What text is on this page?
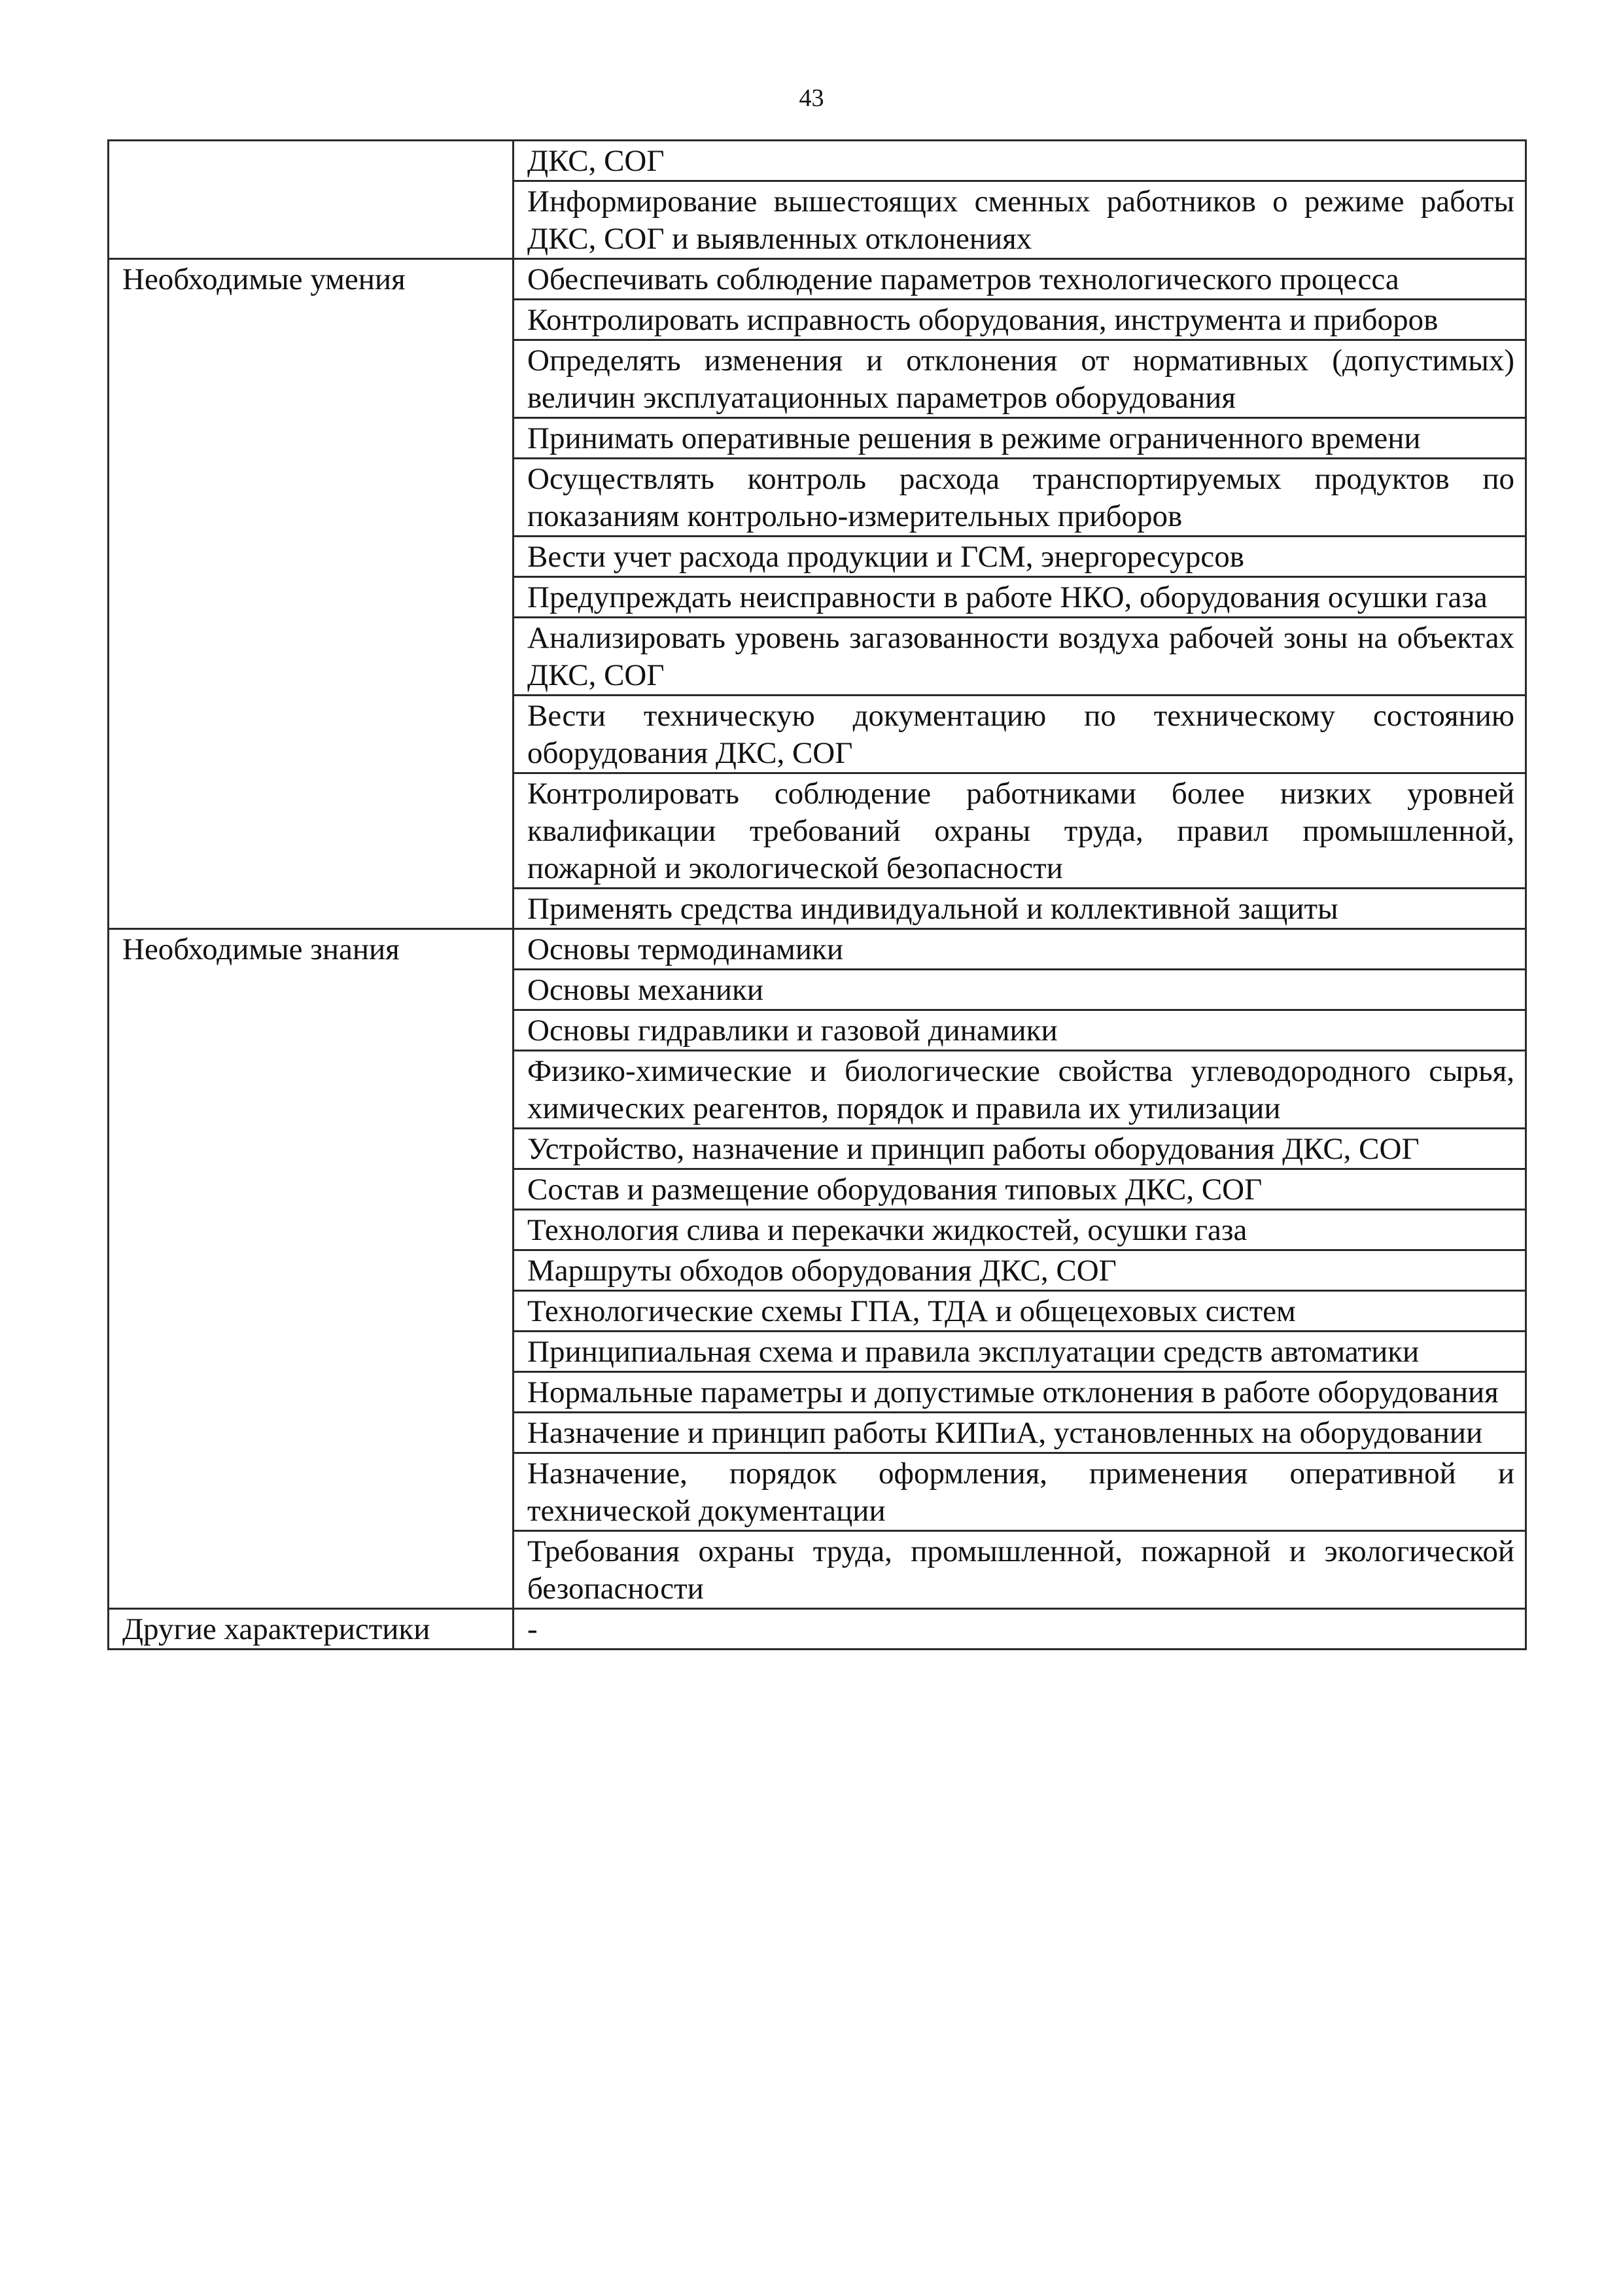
43
	ДКС, СОГ
	Информирование вышестоящих сменных работников о режиме работы ДКС, СОГ и выявленных отклонениях
Необходимые умения	Обеспечивать соблюдение параметров технологического процесса
	Контролировать исправность оборудования, инструмента и приборов
	Определять изменения и отклонения от нормативных (допустимых) величин эксплуатационных параметров оборудования
	Принимать оперативные решения в режиме ограниченного времени
	Осуществлять контроль расхода транспортируемых продуктов по показаниям контрольно-измерительных приборов
	Вести учет расхода продукции и ГСМ, энергоресурсов
	Предупреждать неисправности в работе НКО, оборудования осушки газа
	Анализировать уровень загазованности воздуха рабочей зоны на объектах ДКС, СОГ
	Вести техническую документацию по техническому состоянию оборудования ДКС, СОГ
	Контролировать соблюдение работниками более низких уровней квалификации требований охраны труда, правил промышленной, пожарной и экологической безопасности
	Применять средства индивидуальной и коллективной защиты
Необходимые знания	Основы термодинамики
	Основы механики
	Основы гидравлики и газовой динамики
	Физико-химические и биологические свойства углеводородного сырья, химических реагентов, порядок и правила их утилизации
	Устройство, назначение и принцип работы оборудования ДКС, СОГ
	Состав и размещение оборудования типовых ДКС, СОГ
	Технология слива и перекачки жидкостей, осушки газа
	Маршруты обходов оборудования ДКС, СОГ
	Технологические схемы ГПА, ТДА и общецеховых систем
	Принципиальная схема и правила эксплуатации средств автоматики
	Нормальные параметры и допустимые отклонения в работе оборудования
	Назначение и принцип работы КИПиА, установленных на оборудовании
	Назначение, порядок оформления, применения оперативной и технической документации
	Требования охраны труда, промышленной, пожарной и экологической безопасности
Другие характеристики	-
